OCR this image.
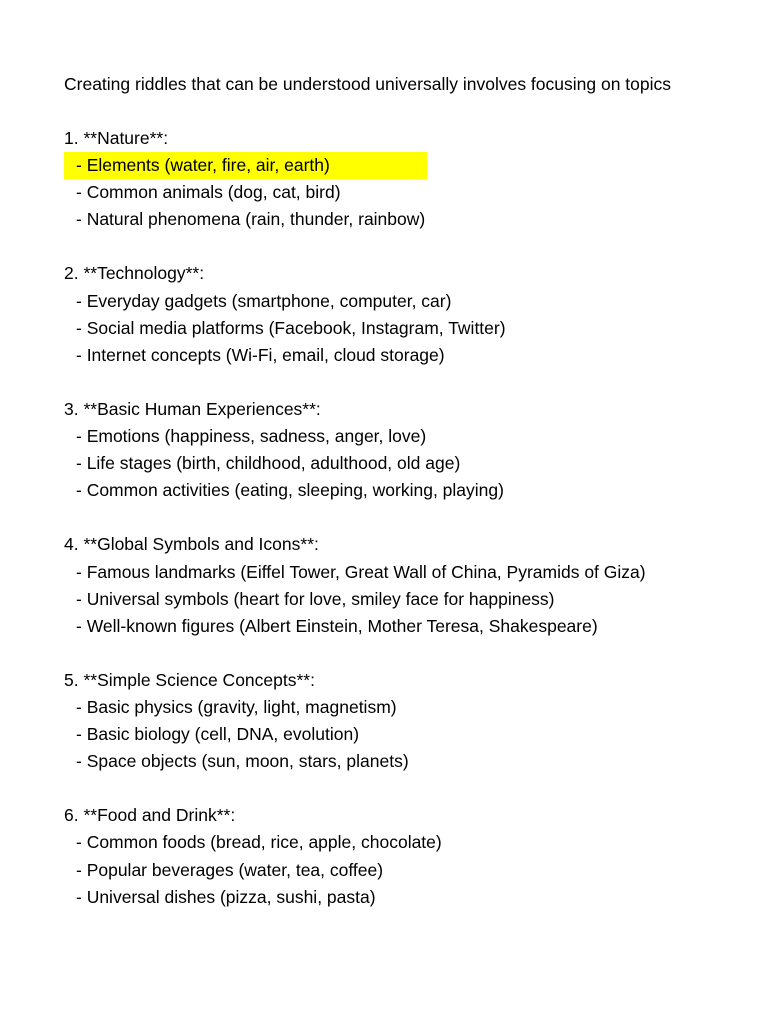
Creating riddles that can be understood universally involves focusing on topics
1. **Nature**:
- Elements (water, fire, air, earth)
- Common animals (dog, cat, bird)
- Natural phenomena (rain, thunder, rainbow)
2. **Technology**:
- Everyday gadgets (smartphone, computer, car)
- Social media platforms (Facebook, Instagram, Twitter)
- Internet concepts (Wi-Fi, email, cloud storage)
3. **Basic Human Experiences**:
- Emotions (happiness, sadness, anger, love)
- Life stages (birth, childhood, adulthood, old age)
- Common activities (eating, sleeping, working, playing)
4. **Global Symbols and Icons**:
- Famous landmarks (Eiffel Tower, Great Wall of China, Pyramids of Giza)
- Universal symbols (heart for love, smiley face for happiness)
- Well-known figures (Albert Einstein, Mother Teresa, Shakespeare)
5. **Simple Science Concepts**:
- Basic physics (gravity, light, magnetism)
- Basic biology (cell, DNA, evolution)
- Space objects (sun, moon, stars, planets)
6. **Food and Drink**:
- Common foods (bread, rice, apple, chocolate)
- Popular beverages (water, tea, coffee)
- Universal dishes (pizza, sushi, pasta)
